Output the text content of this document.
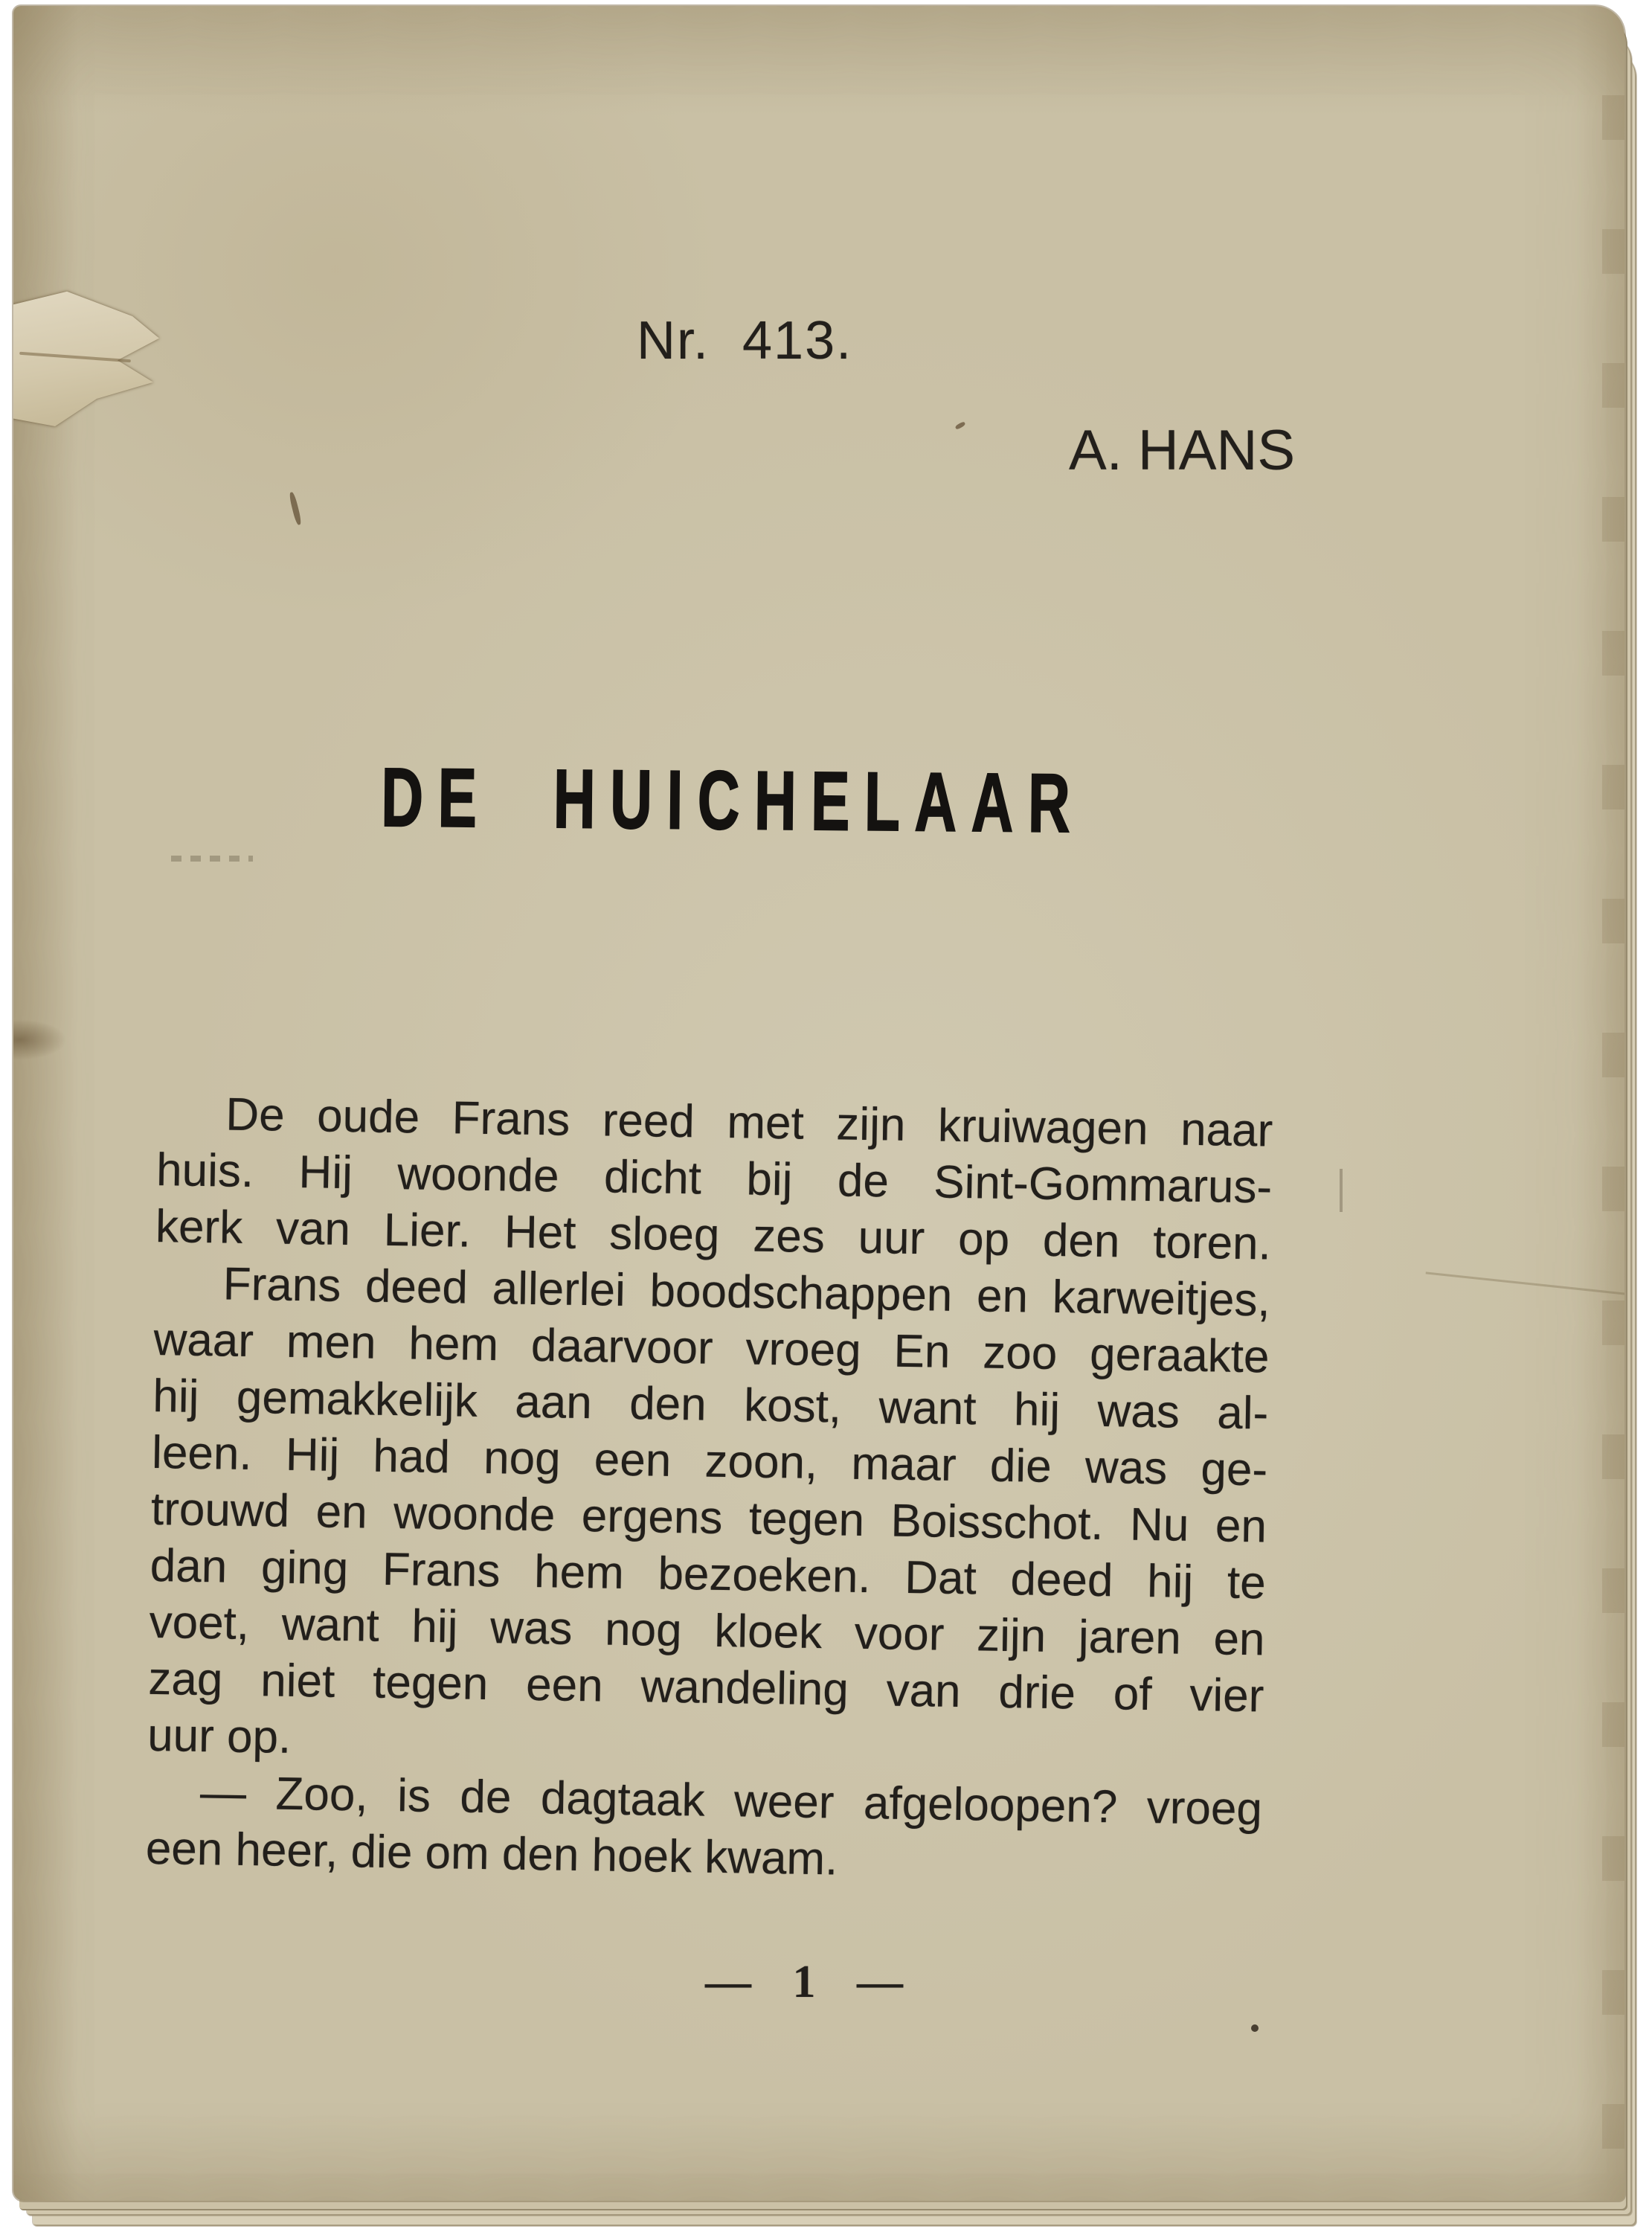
Nr. 413.
A. HANS
DE HUICHELAAR
De oude Frans reed met zijn kruiwagen naar
huis. Hij woonde dicht bij de Sint-Gommarus-
kerk van Lier. Het sloeg zes uur op den toren.
Frans deed allerlei boodschappen en karweitjes,
waar men hem daarvoor vroeg En zoo geraakte
hij gemakkelijk aan den kost, want hij was al-
leen. Hij had nog een zoon, maar die was ge-
trouwd en woonde ergens tegen Boisschot. Nu en
dan ging Frans hem bezoeken. Dat deed hij te
voet, want hij was nog kloek voor zijn jaren en
zag niet tegen een wandeling van drie of vier
uur op.
— Zoo, is de dagtaak weer afgeloopen? vroeg
een heer, die om den hoek kwam.
— 1 —
